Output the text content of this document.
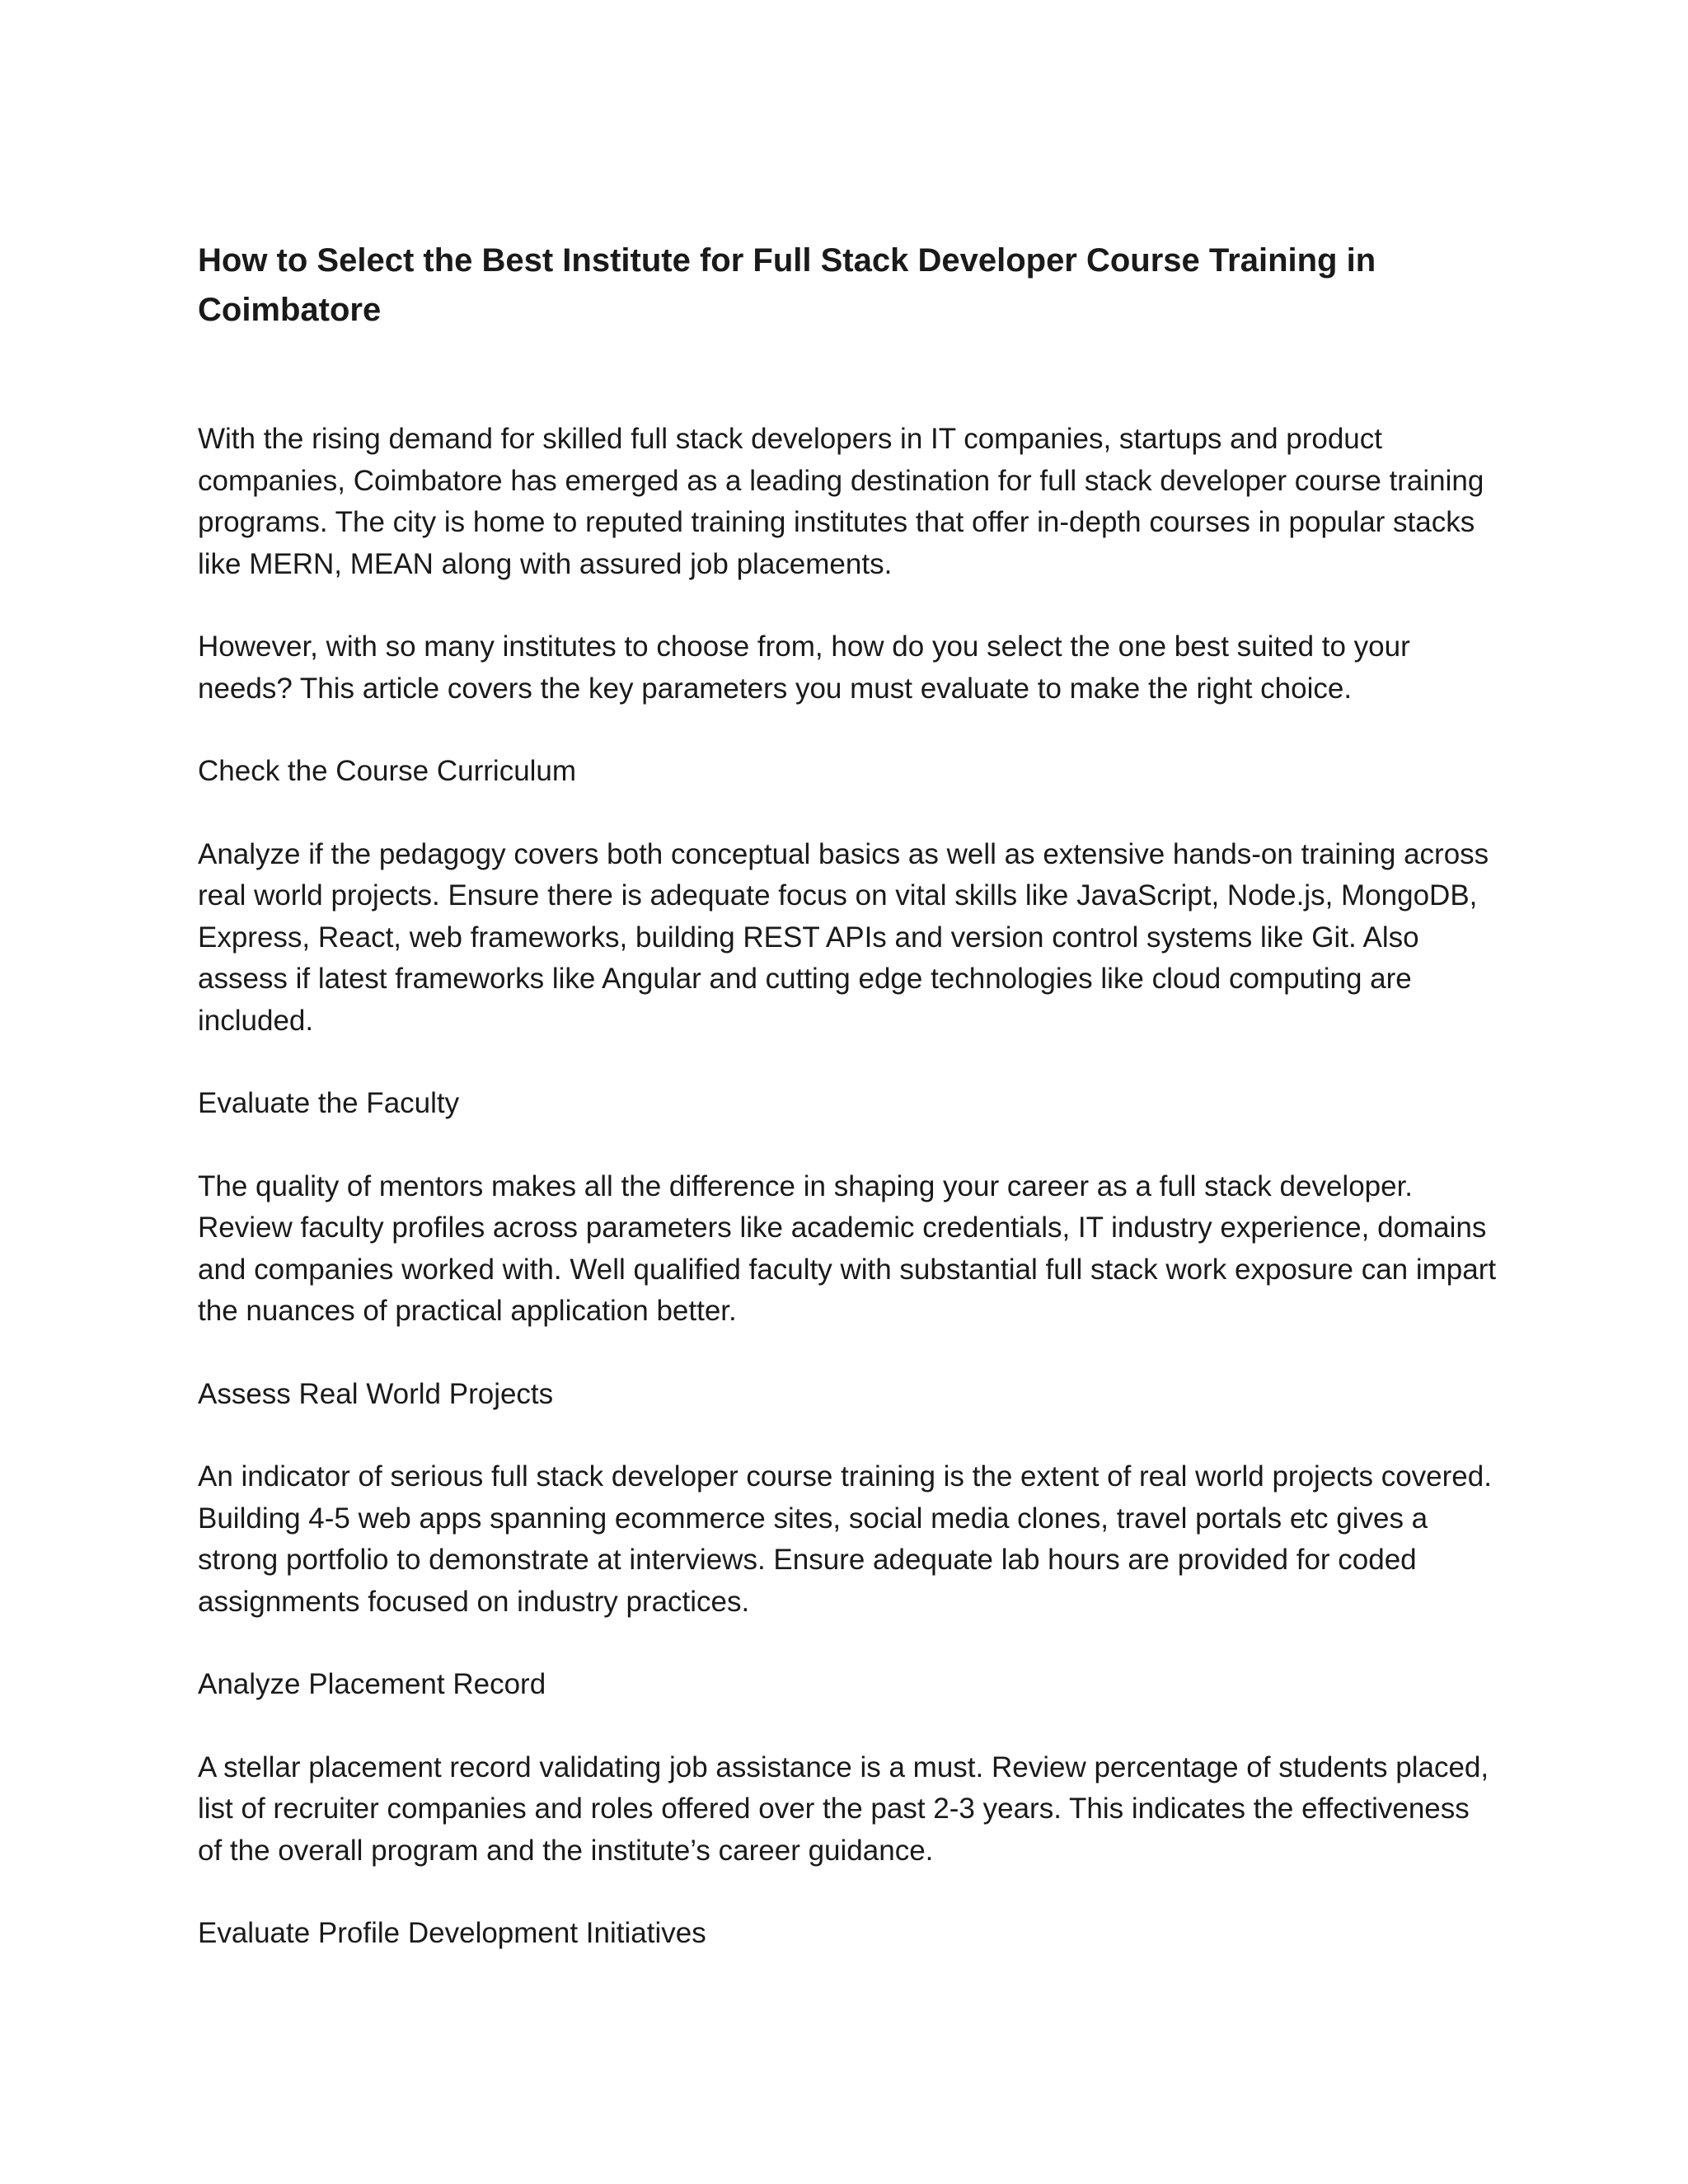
How to Select the Best Institute for Full Stack Developer Course Training in Coimbatore

With the rising demand for skilled full stack developers in IT companies, startups and product companies, Coimbatore has emerged as a leading destination for full stack developer course training programs. The city is home to reputed training institutes that offer in-depth courses in popular stacks like MERN, MEAN along with assured job placements.

However, with so many institutes to choose from, how do you select the one best suited to your needs? This article covers the key parameters you must evaluate to make the right choice.

Check the Course Curriculum

Analyze if the pedagogy covers both conceptual basics as well as extensive hands-on training across real world projects. Ensure there is adequate focus on vital skills like JavaScript, Node.js, MongoDB, Express, React, web frameworks, building REST APIs and version control systems like Git. Also assess if latest frameworks like Angular and cutting edge technologies like cloud computing are included.

Evaluate the Faculty

The quality of mentors makes all the difference in shaping your career as a full stack developer. Review faculty profiles across parameters like academic credentials, IT industry experience, domains and companies worked with. Well qualified faculty with substantial full stack work exposure can impart the nuances of practical application better.

Assess Real World Projects

An indicator of serious full stack developer course training is the extent of real world projects covered. Building 4-5 web apps spanning ecommerce sites, social media clones, travel portals etc gives a strong portfolio to demonstrate at interviews. Ensure adequate lab hours are provided for coded assignments focused on industry practices.

Analyze Placement Record

A stellar placement record validating job assistance is a must. Review percentage of students placed, list of recruiter companies and roles offered over the past 2-3 years. This indicates the effectiveness of the overall program and the institute’s career guidance.

Evaluate Profile Development Initiatives
